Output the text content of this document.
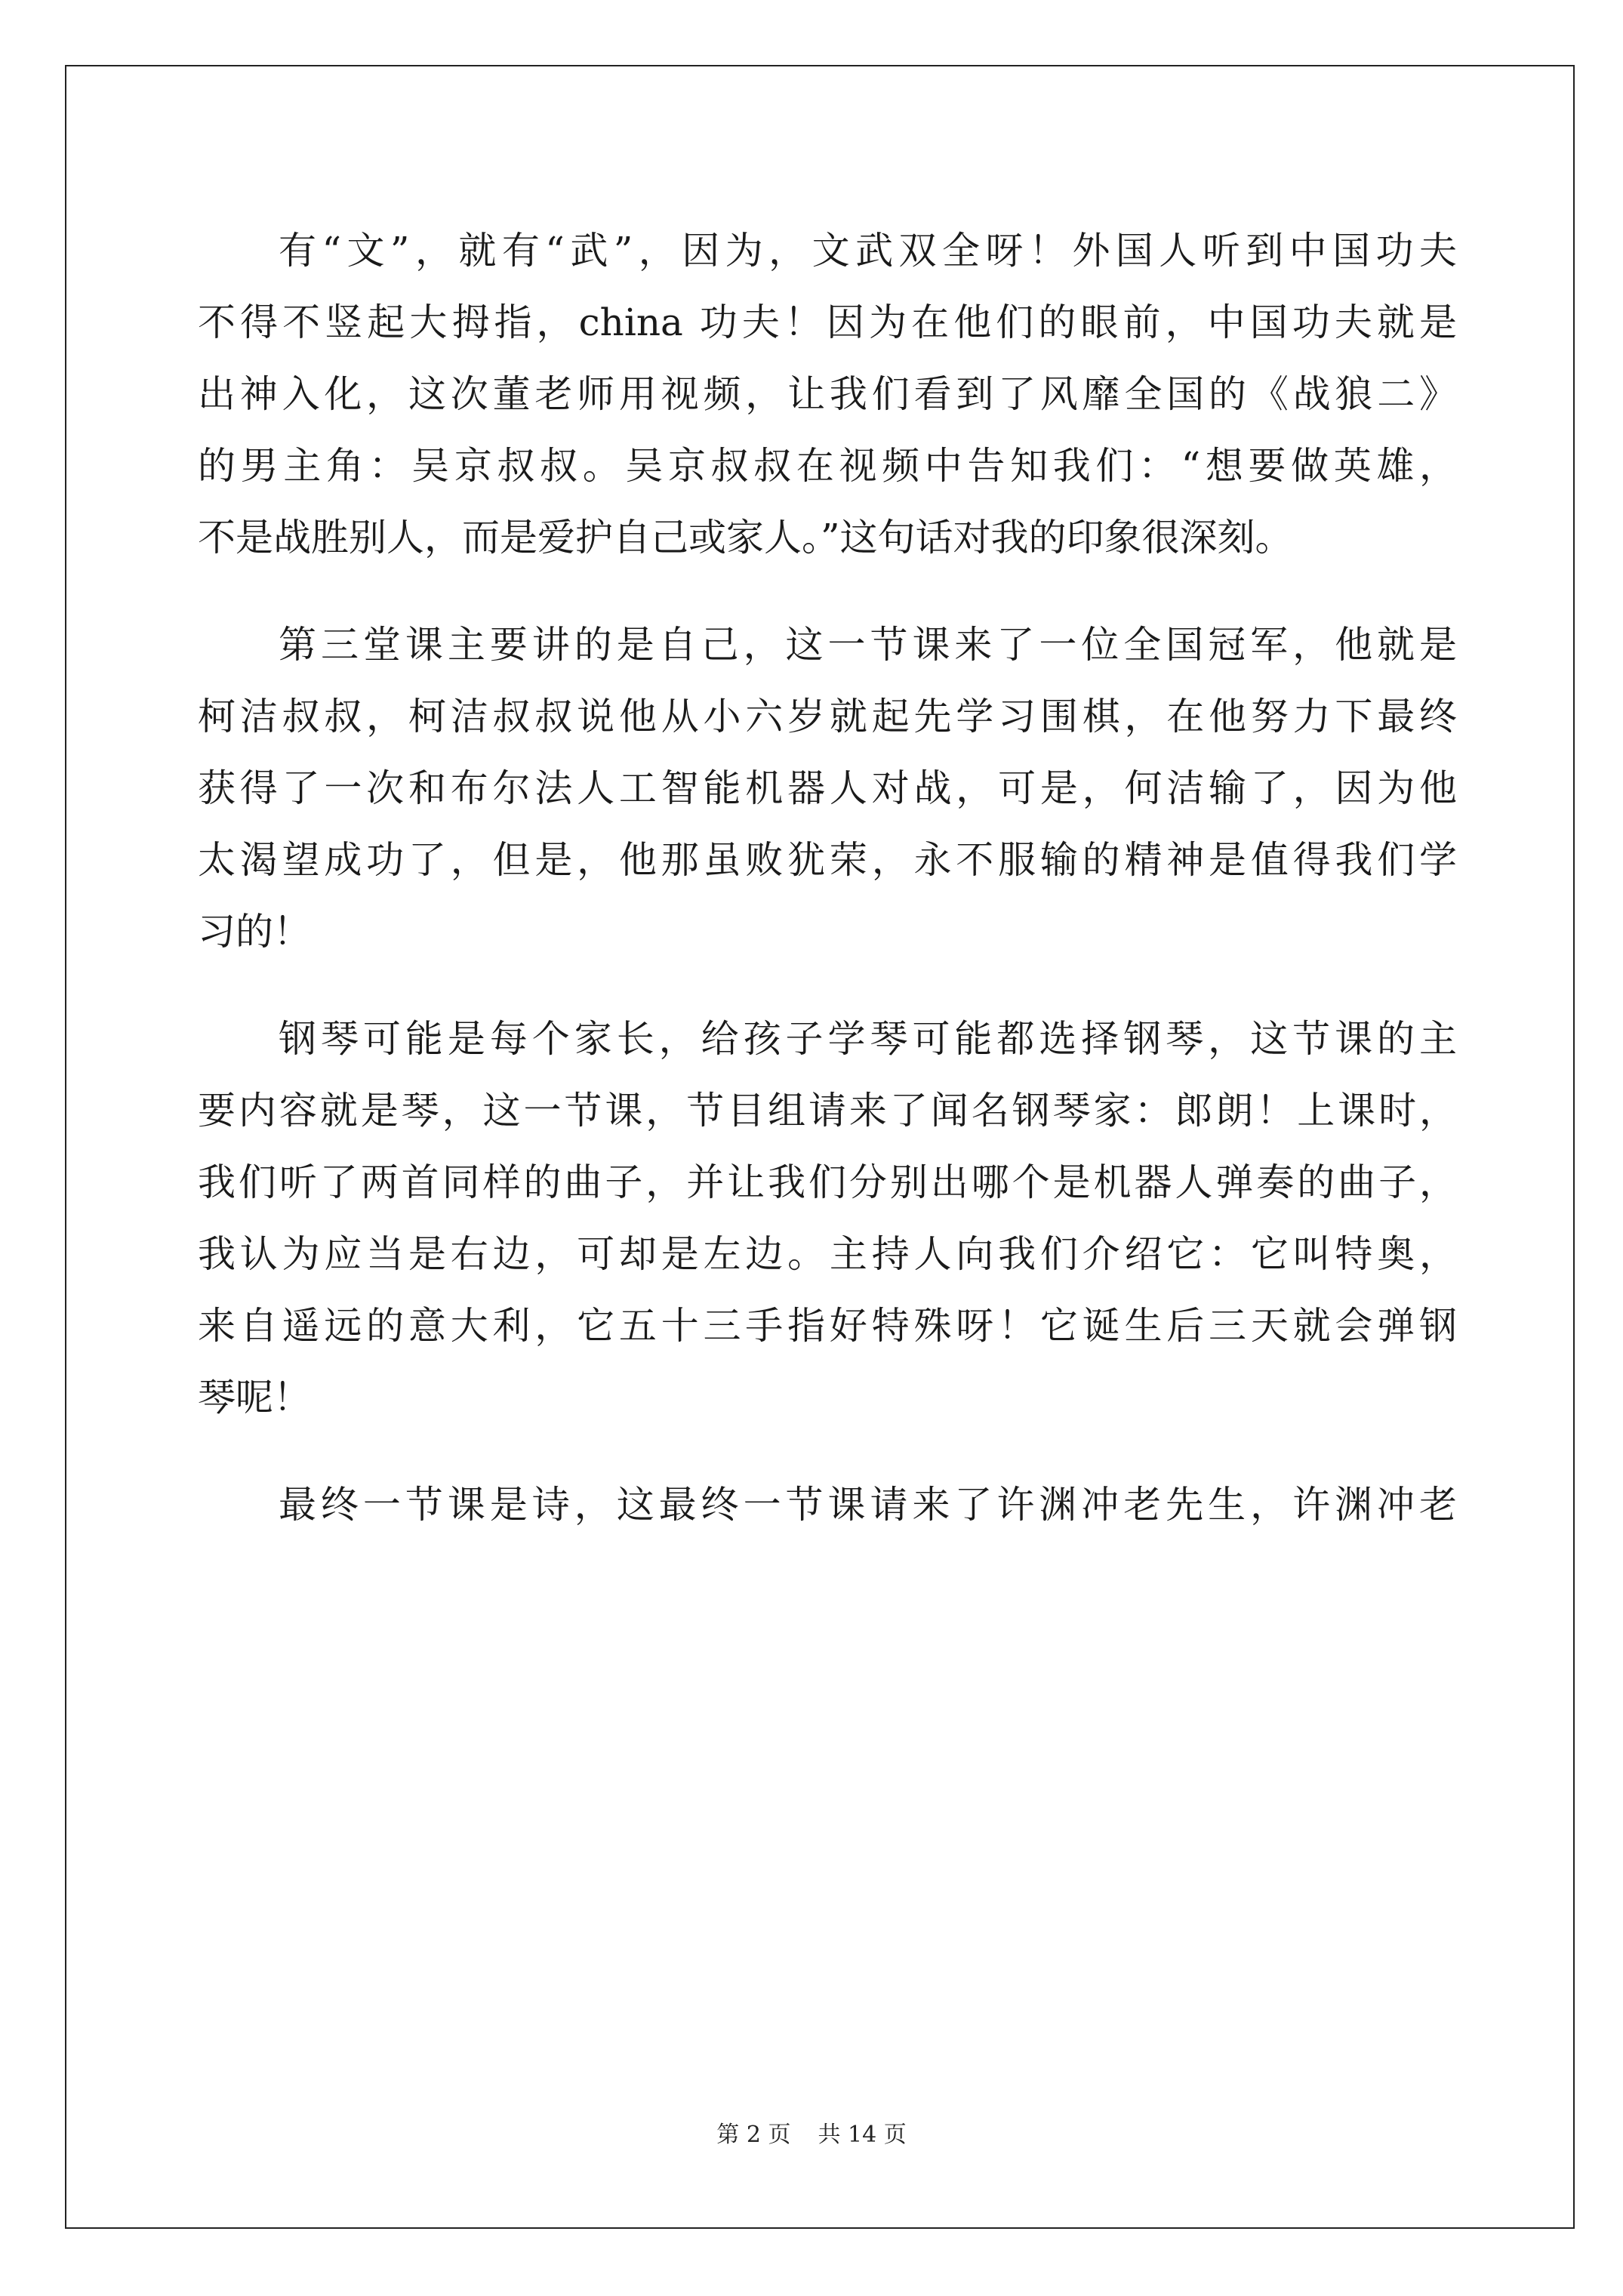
有“文”，就有“武”，因为，文武双全呀！外国人听到中国功夫
不得不竖起大拇指，china 功夫！因为在他们的眼前，中国功夫就是
出神入化，这次董老师用视频，让我们看到了风靡全国的《战狼二》
的男主角：吴京叔叔。吴京叔叔在视频中告知我们：“想要做英雄，
不是战胜别人，而是爱护自己或家人。”这句话对我的印象很深刻。
第三堂课主要讲的是自己，这一节课来了一位全国冠军，他就是
柯洁叔叔，柯洁叔叔说他从小六岁就起先学习围棋，在他努力下最终
获得了一次和布尔法人工智能机器人对战，可是，何洁输了，因为他
太渴望成功了，但是，他那虽败犹荣，永不服输的精神是值得我们学
习的！
钢琴可能是每个家长，给孩子学琴可能都选择钢琴，这节课的主
要内容就是琴，这一节课，节目组请来了闻名钢琴家：郎朗！上课时，
我们听了两首同样的曲子，并让我们分别出哪个是机器人弹奏的曲子，
我认为应当是右边，可却是左边。主持人向我们介绍它：它叫特奥，
来自遥远的意大利，它五十三手指好特殊呀！它诞生后三天就会弹钢
琴呢！
最终一节课是诗，这最终一节课请来了许渊冲老先生，许渊冲老
第 2 页 共 14 页
